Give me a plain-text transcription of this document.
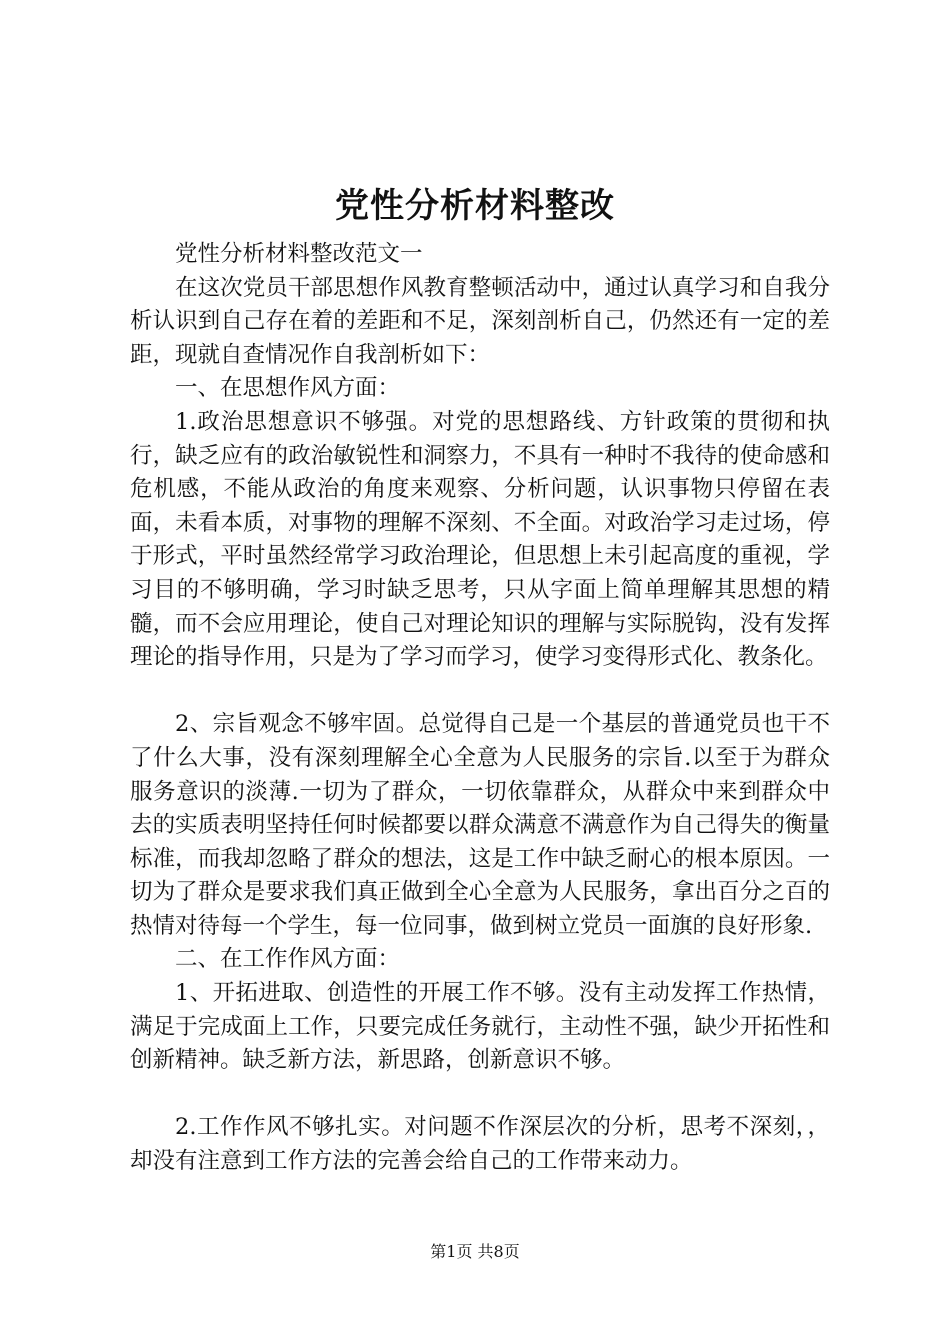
党性分析材料整改

党性分析材料整改范文一

在这次党员干部思想作风教育整顿活动中，通过认真学习和自我分析认识到自己存在着的差距和不足，深刻剖析自己，仍然还有一定的差距，现就自查情况作自我剖析如下：

一、在思想作风方面：

1.政治思想意识不够强。对党的思想路线、方针政策的贯彻和执行，缺乏应有的政治敏锐性和洞察力，不具有一种时不我待的使命感和危机感，不能从政治的角度来观察、分析问题，认识事物只停留在表面，未看本质，对事物的理解不深刻、不全面。对政治学习走过场，停于形式，平时虽然经常学习政治理论，但思想上未引起高度的重视，学习目的不够明确，学习时缺乏思考，只从字面上简单理解其思想的精髓，而不会应用理论，使自己对理论知识的理解与实际脱钩，没有发挥理论的指导作用，只是为了学习而学习，使学习变得形式化、教条化。

2、宗旨观念不够牢固。总觉得自己是一个基层的普通党员也干不了什么大事，没有深刻理解全心全意为人民服务的宗旨.以至于为群众服务意识的淡薄.一切为了群众，一切依靠群众，从群众中来到群众中去的实质表明坚持任何时候都要以群众满意不满意作为自己得失的衡量标准，而我却忽略了群众的想法，这是工作中缺乏耐心的根本原因。一切为了群众是要求我们真正做到全心全意为人民服务，拿出百分之百的热情对待每一个学生，每一位同事，做到树立党员一面旗的良好形象.

二、在工作作风方面：

1、开拓进取、创造性的开展工作不够。没有主动发挥工作热情，满足于完成面上工作，只要完成任务就行，主动性不强，缺少开拓性和创新精神。缺乏新方法，新思路，创新意识不够。

2.工作作风不够扎实。对问题不作深层次的分析，思考不深刻，，却没有注意到工作方法的完善会给自己的工作带来动力。

第1页 共8页
